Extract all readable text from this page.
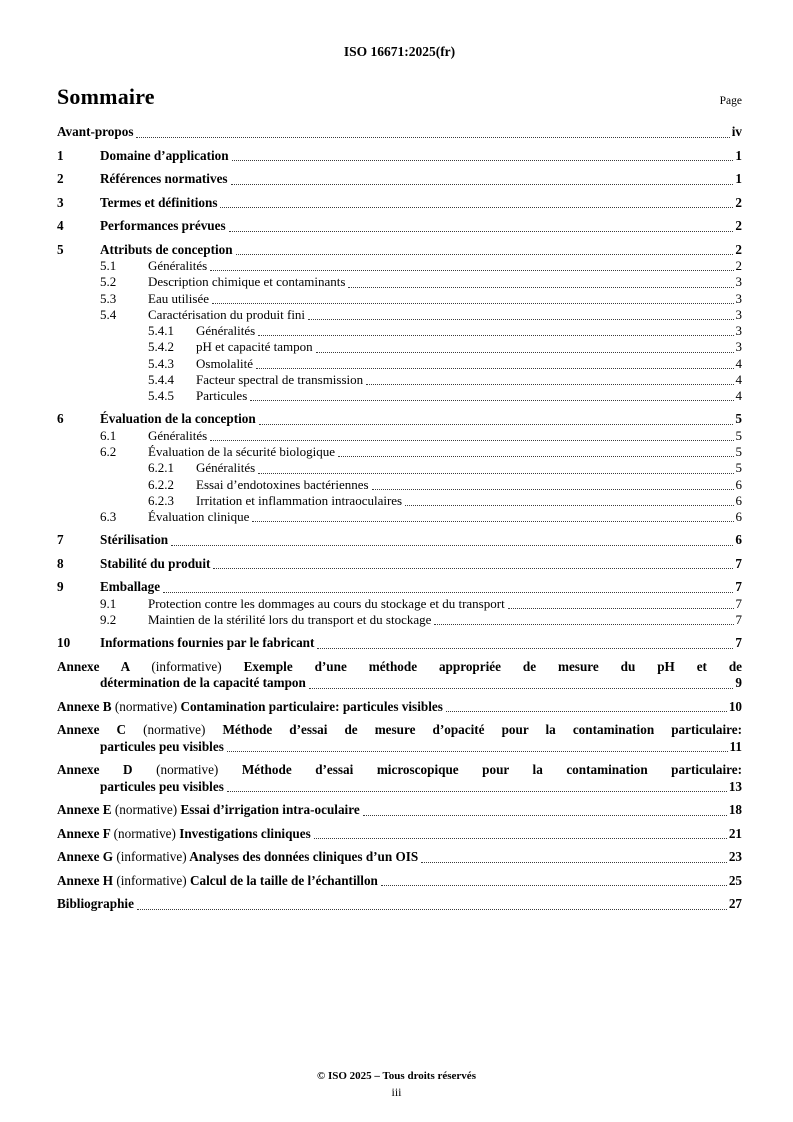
ISO 16671:2025(fr)
Sommaire	Page
Avant-propos	iv
1	Domaine d’application	1
2	Références normatives	1
3	Termes et définitions	2
4	Performances prévues	2
5	Attributs de conception	2
5.1	Généralités	2
5.2	Description chimique et contaminants	3
5.3	Eau utilisée	3
5.4	Caractérisation du produit fini	3
5.4.1	Généralités	3
5.4.2	pH et capacité tampon	3
5.4.3	Osmolalité	4
5.4.4	Facteur spectral de transmission	4
5.4.5	Particules	4
6	Évaluation de la conception	5
6.1	Généralités	5
6.2	Évaluation de la sécurité biologique	5
6.2.1	Généralités	5
6.2.2	Essai d’endotoxines bactériennes	6
6.2.3	Irritation et inflammation intraoculaires	6
6.3	Évaluation clinique	6
7	Stérilisation	6
8	Stabilité du produit	7
9	Emballage	7
9.1	Protection contre les dommages au cours du stockage et du transport	7
9.2	Maintien de la stérilité lors du transport et du stockage	7
10	Informations fournies par le fabricant	7
Annexe A (informative) Exemple d’une méthode appropriée de mesure du pH et de
détermination de la capacité tampon	9
Annexe B (normative) Contamination particulaire: particules visibles	10
Annexe C (normative) Méthode d’essai de mesure d’opacité pour la contamination particulaire:
particules peu visibles	11
Annexe D (normative) Méthode d’essai microscopique pour la contamination particulaire:
particules peu visibles	13
Annexe E (normative) Essai d’irrigation intra-oculaire	18
Annexe F (normative) Investigations cliniques	21
Annexe G (informative) Analyses des données cliniques d’un OIS	23
Annexe H (informative) Calcul de la taille de l’échantillon	25
Bibliographie	27
© ISO 2025 – Tous droits réservés
iii
